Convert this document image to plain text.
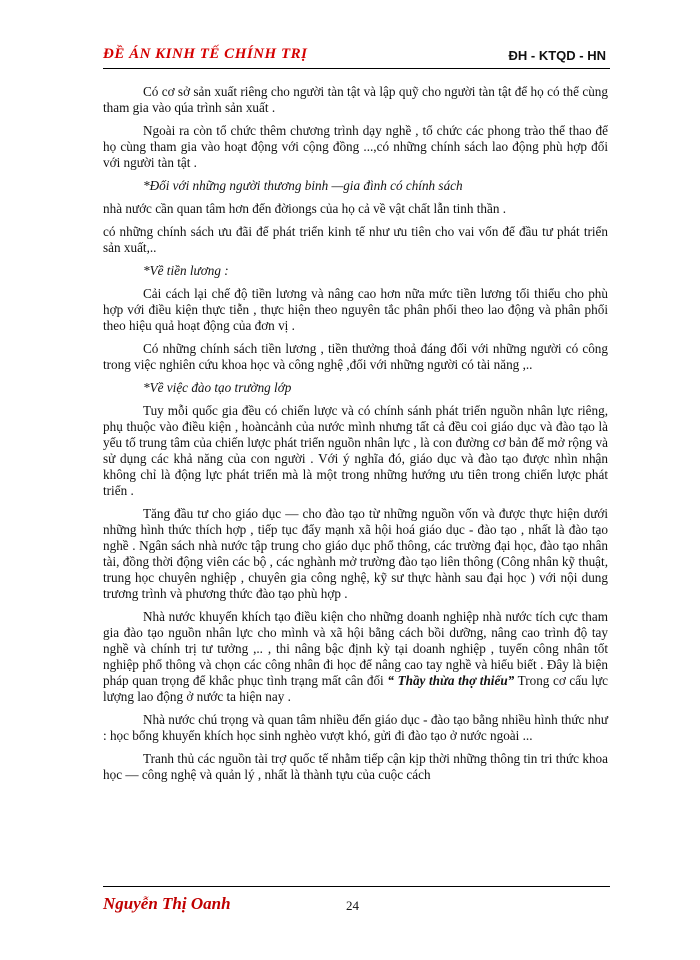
ĐỀ ÁN KINH TẾ CHÍNH TRỊ	ĐH - KTQD - HN

Có cơ sở sản xuất riêng cho người tàn tật và lập quỹ cho người tàn tật để họ có thể cùng tham gia vào qúa trình sản xuất .

Ngoài ra còn tổ chức thêm chương trình dạy nghề , tổ chức các phong trào thể thao để họ cùng tham gia vào hoạt động với cộng đồng ...,có những chính sách lao động phù hợp đối với người tàn tật .

*Đối với những người thương binh —gia đình có chính sách

nhà nước cần quan tâm hơn đến đờiongs của họ cả về vật chất lẫn tinh thần .

có những chính sách ưu đãi để phát triển kinh tế như ưu tiên cho vai vốn để đầu tư phát triển sản xuất,..

*Về tiền lương :

Cải cách lại chế độ tiền lương và nâng cao hơn nữa mức tiền lương tối thiểu cho phù hợp với điều kiện thực tiễn , thực hiện theo nguyên tắc phân phối theo lao động và phân phối theo hiệu quả hoạt động của đơn vị .

Có những chính sách tiền lương , tiền thưởng thoả đáng đối với những người có công trong việc nghiên cứu khoa học và công nghệ ,đối với những người có tài năng ,..

*Về việc đào tạo trường lớp

Tuy mỗi quốc gia đều có chiến lược và có chính sánh phát triển nguồn nhân lực riêng, phụ thuộc vào điều kiện , hoàncảnh của nước mình nhưng tất cả đều coi giáo dục và đào tạo là yếu tố trung tâm của chiến lược phát triển nguồn nhân lực , là con đường cơ bản để mở rộng và sử dụng các khả năng của con người . Với ý nghĩa đó, giáo dục và đào tạo được nhìn nhận không chỉ là động lực phát triển mà là một trong những hướng ưu tiên trong chiến lược phát triển .

Tăng đầu tư cho giáo dục — cho đào tạo từ những nguồn vốn và được thực hiện dưới những hình thức thích hợp , tiếp tục đẩy mạnh xã hội hoá giáo dục - đào tạo , nhất là đào tạo nghề . Ngân sách nhà nước tập trung cho giáo dục phổ thông, các trường đại học, đào tạo nhân tài, đồng thời động viên các bộ , các nghành mở trường đào tạo liên thông (Công nhân kỹ thuật, trung học chuyên nghiệp , chuyên gia công nghệ, kỹ sư thực hành sau đại học ) với nội dung trương trình và phương thức đào tạo phù hợp .

Nhà nước khuyến khích tạo điều kiện cho những doanh nghiệp nhà nước tích cực tham gia đào tạo nguồn nhân lực cho mình và xã hội bằng cách bồi dưỡng, nâng cao trình độ tay nghề và chính trị tư tưởng ,.. , thi nâng bậc định kỳ tại doanh nghiệp , tuyển công nhân tốt nghiệp phổ thông và chọn các công nhân đi học để nâng cao tay nghề và hiểu biết . Đây là biện pháp quan trọng để khắc phục tình trạng mất cân đối “ Thầy thừa thợ thiếu” Trong cơ cấu lực lượng lao động ở nước ta hiện nay .

Nhà nước chú trọng và quan tâm nhiều đến giáo dục - đào tạo bằng nhiều hình thức như : học bổng khuyến khích học sinh nghèo vượt khó, gửi đi đào tạo ở nước ngoài ...

Tranh thủ các nguồn tài trợ quốc tế nhằm tiếp cận kịp thời những thông tin tri thức khoa học — công nghệ và quản lý , nhất là thành tựu của cuộc cách

Nguyễn Thị Oanh	24
